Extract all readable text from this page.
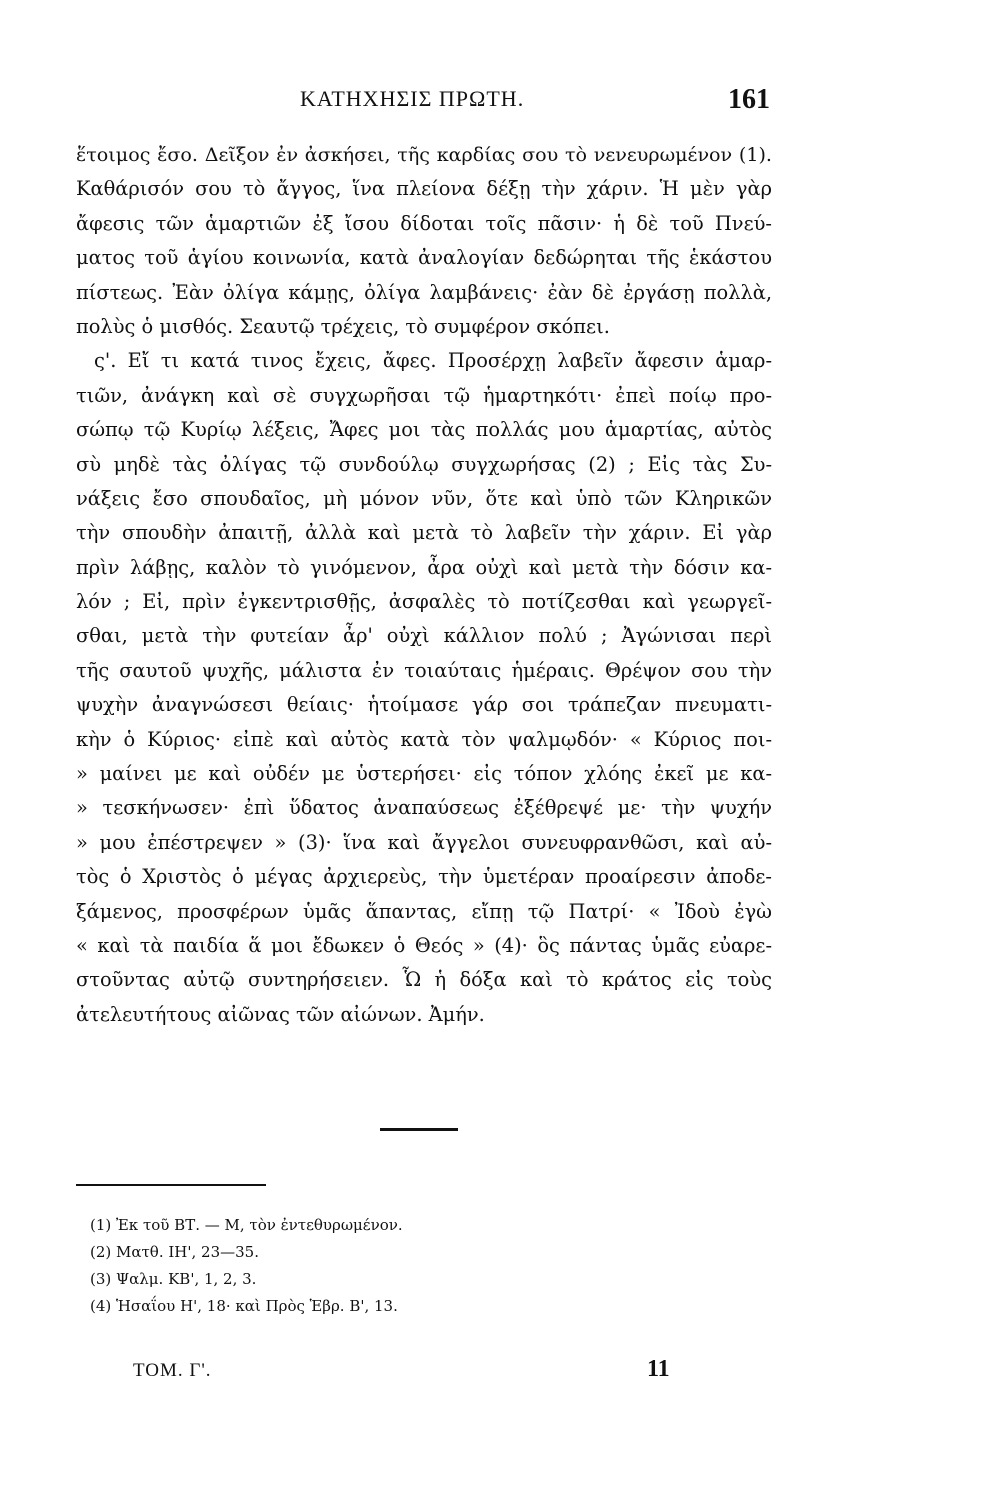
ΚΑΤΗΧΗΣΙΣ ΠΡΩΤΗ.	161
ἕτοιμος ἔσο. Δεῖξον ἐν ἀσκήσει, τῆς καρδίας σου τὸ νενευρωμένον (1).
Καθάρισόν σου τὸ ἄγγος, ἵνα πλείονα δέξῃ τὴν χάριν. Ἡ μὲν γὰρ
ἄφεσις τῶν ἁμαρτιῶν ἐξ ἴσου δίδοται τοῖς πᾶσιν· ἡ δὲ τοῦ Πνεύ-
ματος τοῦ ἁγίου κοινωνία, κατὰ ἀναλογίαν δεδώρηται τῆς ἑκάστου
πίστεως. Ἐὰν ὀλίγα κάμῃς, ὀλίγα λαμβάνεις· ἐὰν δὲ ἐργάσῃ πολλὰ,
πολὺς ὁ μισθός. Σεαυτῷ τρέχεις, τὸ συμφέρον σκόπει.
ς'. Εἴ τι κατά τινος ἔχεις, ἄφες. Προσέρχῃ λαβεῖν ἄφεσιν ἁμαρ-
τιῶν, ἀνάγκη καὶ σὲ συγχωρῆσαι τῷ ἡμαρτηκότι· ἐπεὶ ποίῳ προ-
σώπῳ τῷ Κυρίῳ λέξεις, Ἄφες μοι τὰς πολλάς μου ἁμαρτίας, αὐτὸς
σὺ μηδὲ τὰς ὀλίγας τῷ συνδούλῳ συγχωρήσας (2) ; Εἰς τὰς Συ-
νάξεις ἔσο σπουδαῖος, μὴ μόνον νῦν, ὅτε καὶ ὑπὸ τῶν Κληρικῶν
τὴν σπουδὴν ἀπαιτῇ, ἀλλὰ καὶ μετὰ τὸ λαβεῖν τὴν χάριν. Εἰ γὰρ
πρὶν λάβῃς, καλὸν τὸ γινόμενον, ἆρα οὐχὶ καὶ μετὰ τὴν δόσιν κα-
λόν ; Εἰ, πρὶν ἐγκεντρισθῇς, ἀσφαλὲς τὸ ποτίζεσθαι καὶ γεωργεῖ-
σθαι, μετὰ τὴν φυτείαν ἆρ' οὐχὶ κάλλιον πολύ ; Ἀγώνισαι περὶ
τῆς σαυτοῦ ψυχῆς, μάλιστα ἐν τοιαύταις ἡμέραις. Θρέψον σου τὴν
ψυχὴν ἀναγνώσεσι θείαις· ἡτοίμασε γάρ σοι τράπεζαν πνευματι-
κὴν ὁ Κύριος· εἰπὲ καὶ αὐτὸς κατὰ τὸν ψαλμῳδόν· « Κύριος ποι-
» μαίνει με καὶ οὐδέν με ὑστερήσει· εἰς τόπον χλόης ἐκεῖ με κα-
» τεσκήνωσεν· ἐπὶ ὕδατος ἀναπαύσεως ἐξέθρεψέ με· τὴν ψυχήν
» μου ἐπέστρεψεν » (3)· ἵνα καὶ ἄγγελοι συνευφρανθῶσι, καὶ αὐ-
τὸς ὁ Χριστὸς ὁ μέγας ἀρχιερεὺς, τὴν ὑμετέραν προαίρεσιν ἀποδε-
ξάμενος, προσφέρων ὑμᾶς ἅπαντας, εἴπῃ τῷ Πατρί· « Ἰδοὺ ἐγὼ
« καὶ τὰ παιδία ἅ μοι ἔδωκεν ὁ Θεός » (4)· ὃς πάντας ὑμᾶς εὐαρε-
στοῦντας αὐτῷ συντηρήσειεν. Ὧ ἡ δόξα καὶ τὸ κράτος εἰς τοὺς
ἀτελευτήτους αἰῶνας τῶν αἰώνων. Ἀμήν.
(1) Ἐκ τοῦ ΒΤ. — Μ, τὸν ἐντεθυρωμένον.
(2) Ματθ. ΙΗ', 23—35.
(3) Ψαλμ. ΚΒ', 1, 2, 3.
(4) Ἡσαΐου Η', 18· καὶ Πρὸς Ἑβρ. Β', 13.
ΤΟΜ. Γ'.	11
